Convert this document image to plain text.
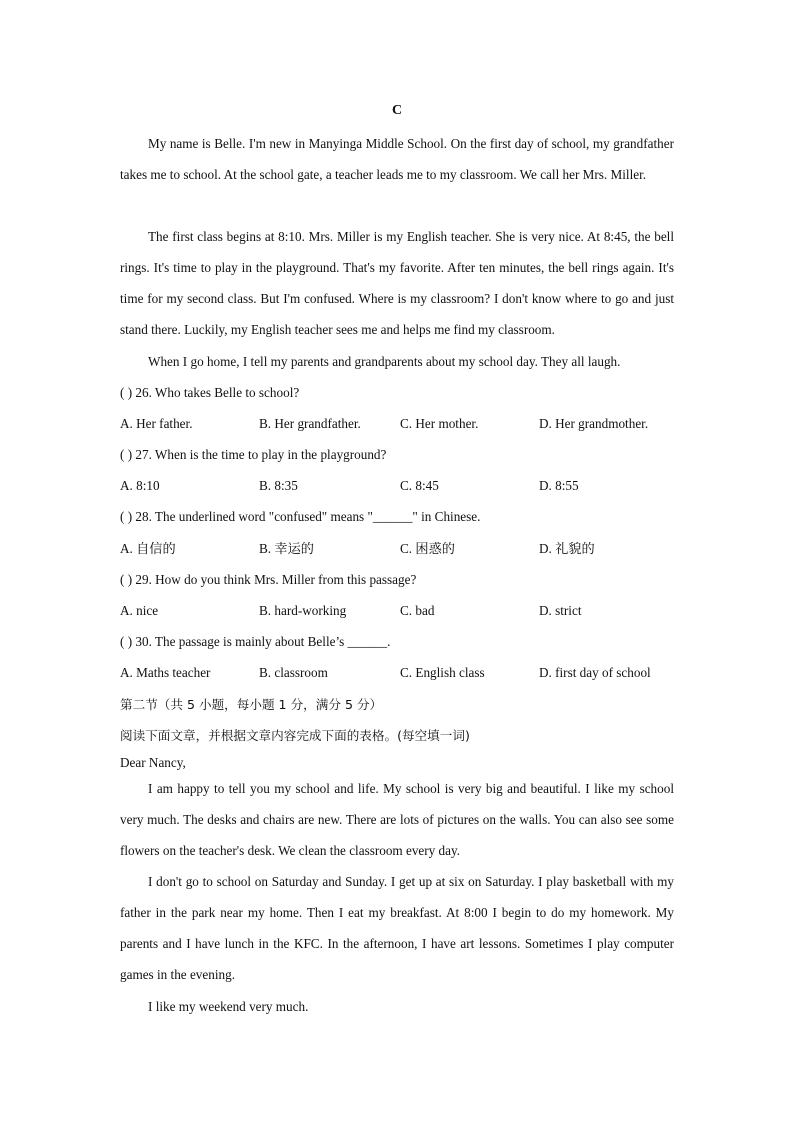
C

My name is Belle. I'm new in Manyinga Middle School. On the first day of school, my grandfather takes me to school. At the school gate, a teacher leads me to my classroom. We call her Mrs. Miller.

The first class begins at 8:10. Mrs. Miller is my English teacher. She is very nice. At 8:45, the bell rings. It's time to play in the playground. That's my favorite. After ten minutes, the bell rings again. It's time for my second class. But I'm confused. Where is my classroom? I don't know where to go and just stand there. Luckily, my English teacher sees me and helps me find my classroom.

When I go home, I tell my parents and grandparents about my school day. They all laugh.

( ) 26. Who takes Belle to school?
A. Her father.	B. Her grandfather.	C. Her mother.	D. Her grandmother.
( ) 27. When is the time to play in the playground?
A. 8:10	B. 8:35	C. 8:45	D. 8:55
( ) 28. The underlined word "confused" means "______" in Chinese.
A. 自信的	B. 幸运的	C. 困惑的	D. 礼貌的
( ) 29. How do you think Mrs. Miller from this passage?
A. nice	B. hard-working	C. bad	D. strict
( ) 30. The passage is mainly about Belle’s ______.
A. Maths teacher	B. classroom	C. English class	D. first day of school
第二节（共 5 小题，每小题 1 分，满分 5 分）
阅读下面文章，并根据文章内容完成下面的表格。(每空填一词)
Dear Nancy,

I am happy to tell you my school and life. My school is very big and beautiful. I like my school very much. The desks and chairs are new. There are lots of pictures on the walls. You can also see some flowers on the teacher's desk. We clean the classroom every day.

I don't go to school on Saturday and Sunday. I get up at six on Saturday. I play basketball with my father in the park near my home. Then I eat my breakfast. At 8:00 I begin to do my homework. My parents and I have lunch in the KFC. In the afternoon, I have art lessons. Sometimes I play computer games in the evening.

I like my weekend very much.
